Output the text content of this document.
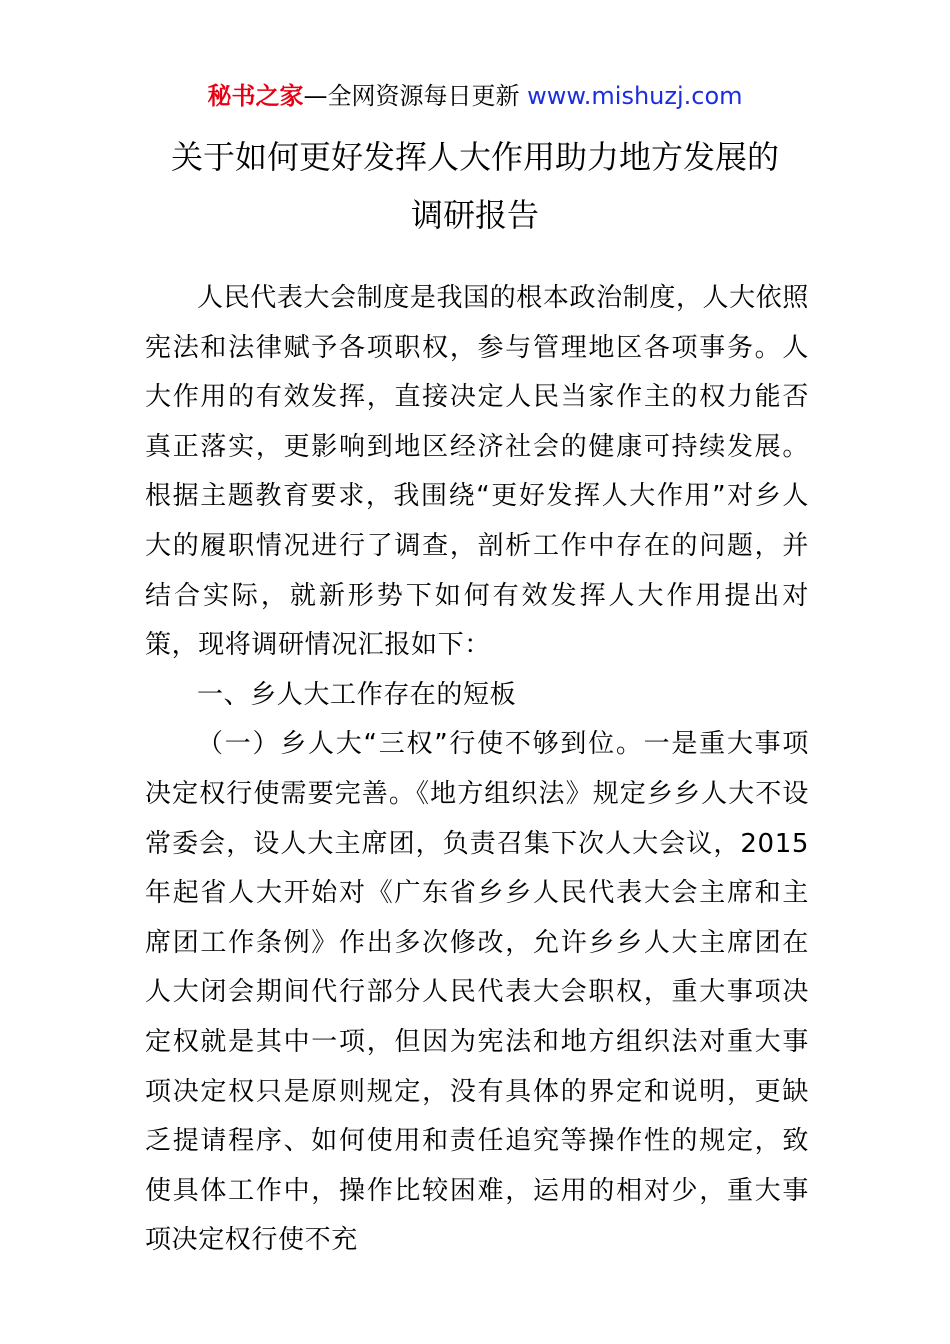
秘书之家—全网资源每日更新 www.mishuzj.com
关于如何更好发挥人大作用助力地方发展的
调研报告

人民代表大会制度是我国的根本政治制度，人大依照宪法和法律赋予各项职权，参与管理地区各项事务。人大作用的有效发挥，直接决定人民当家作主的权力能否真正落实，更影响到地区经济社会的健康可持续发展。根据主题教育要求，我围绕“更好发挥人大作用”对乡人大的履职情况进行了调查，剖析工作中存在的问题，并结合实际，就新形势下如何有效发挥人大作用提出对策，现将调研情况汇报如下：

一、乡人大工作存在的短板

（一）乡人大“三权”行使不够到位。一是重大事项决定权行使需要完善。《地方组织法》规定乡乡人大不设常委会，设人大主席团，负责召集下次人大会议，2015 年起省人大开始对《广东省乡乡人民代表大会主席和主席团工作条例》作出多次修改，允许乡乡人大主席团在人大闭会期间代行部分人民代表大会职权，重大事项决定权就是其中一项，但因为宪法和地方组织法对重大事项决定权只是原则规定，没有具体的界定和说明，更缺乏提请程序、如何使用和责任追究等操作性的规定，致使具体工作中，操作比较困难，运用的相对少，重大事项决定权行使不充
